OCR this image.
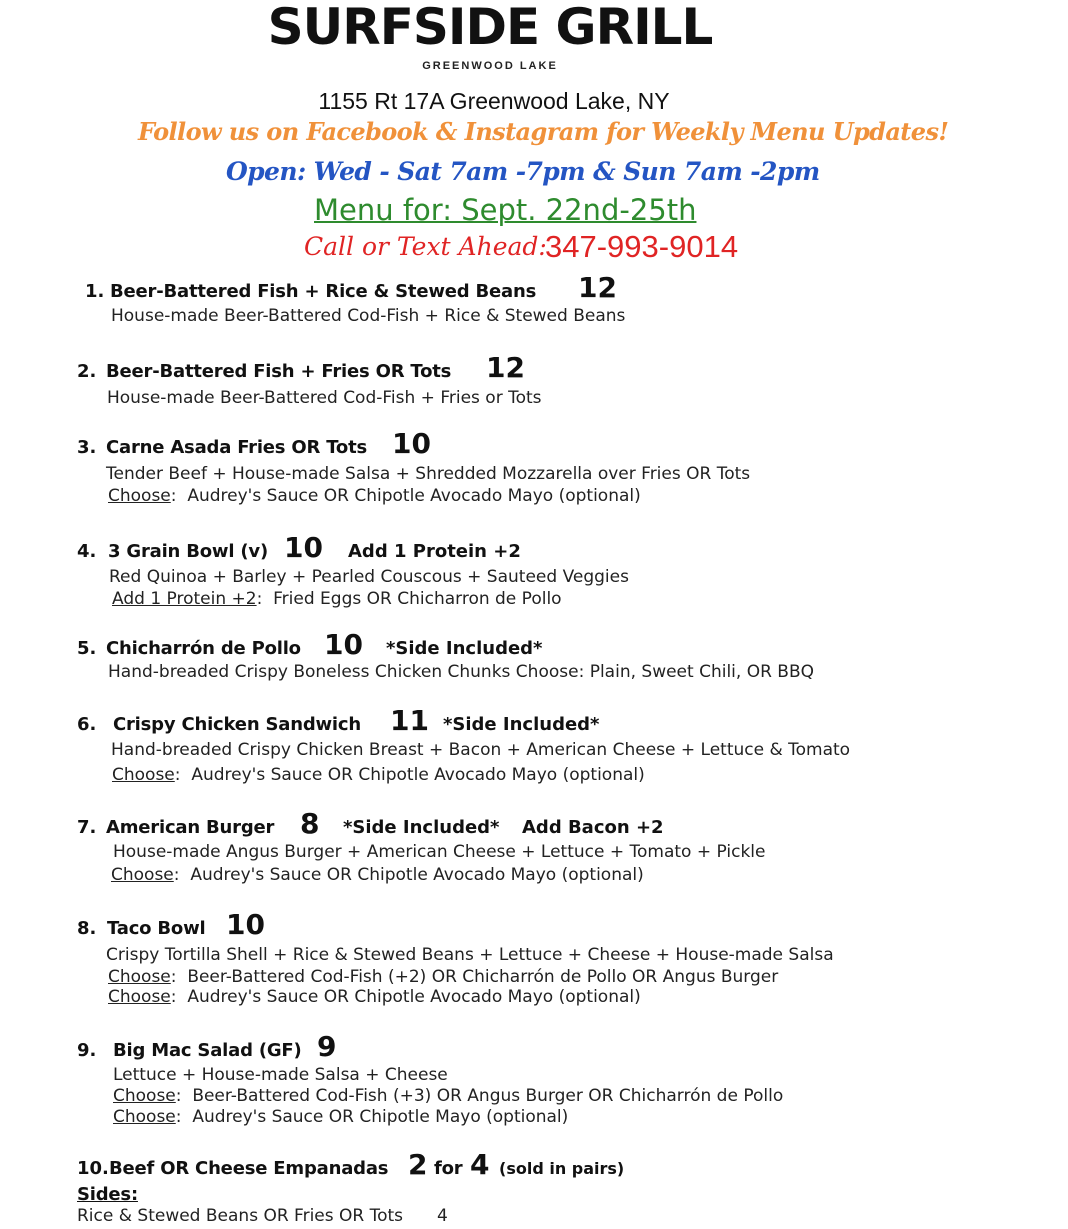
SURFSIDE GRILL
GREENWOOD LAKE
1155 Rt 17A Greenwood Lake, NY
Follow us on Facebook & Instagram for Weekly Menu Updates!
Open: Wed - Sat 7am -7pm & Sun 7am -2pm
Menu for: Sept. 22nd-25th
Call or Text Ahead:
347-993-9014
1. Beer-Battered Fish + Rice & Stewed Beans 12
House-made Beer-Battered Cod-Fish + Rice & Stewed Beans
2. Beer-Battered Fish + Fries OR Tots 12
House-made Beer-Battered Cod-Fish + Fries or Tots
3. Carne Asada Fries OR Tots 10
Tender Beef + House-made Salsa + Shredded Mozzarella over Fries OR Tots
Choose:  Audrey's Sauce OR Chipotle Avocado Mayo (optional)
4. 3 Grain Bowl (v) 10 Add 1 Protein +2
Red Quinoa + Barley + Pearled Couscous + Sauteed Veggies
Add 1 Protein +2:  Fried Eggs OR Chicharron de Pollo
5. Chicharrón de Pollo 10 *Side Included*
Hand-breaded Crispy Boneless Chicken Chunks Choose: Plain, Sweet Chili, OR BBQ
6. Crispy Chicken Sandwich 11 *Side Included*
Hand-breaded Crispy Chicken Breast + Bacon + American Cheese + Lettuce & Tomato
Choose:  Audrey's Sauce OR Chipotle Avocado Mayo (optional)
7. American Burger 8 *Side Included* Add Bacon +2
House-made Angus Burger + American Cheese + Lettuce + Tomato + Pickle
Choose:  Audrey's Sauce OR Chipotle Avocado Mayo (optional)
8. Taco Bowl 10
Crispy Tortilla Shell + Rice & Stewed Beans + Lettuce + Cheese + House-made Salsa
Choose:  Beer-Battered Cod-Fish (+2) OR Chicharrón de Pollo OR Angus Burger
Choose:  Audrey's Sauce OR Chipotle Avocado Mayo (optional)
9. Big Mac Salad (GF) 9
Lettuce + House-made Salsa + Cheese
Choose:  Beer-Battered Cod-Fish (+3) OR Angus Burger OR Chicharrón de Pollo
Choose:  Audrey's Sauce OR Chipotle Mayo (optional)
10. Beef OR Cheese Empanadas 2 for 4 (sold in pairs)
Sides:
Rice & Stewed Beans OR Fries OR Tots 4
